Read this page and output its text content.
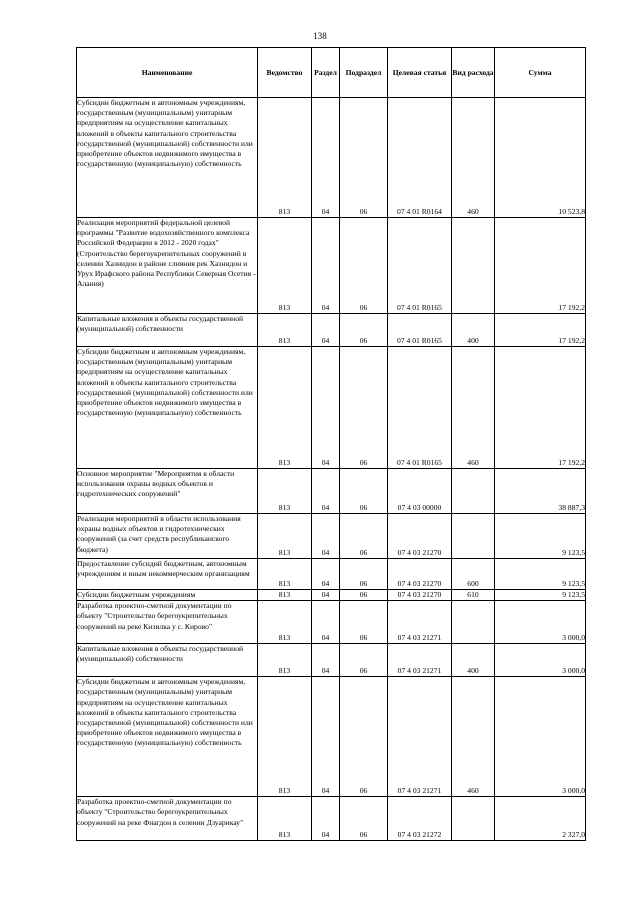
138
Наименование	Ведомство	Раздел	Подраздел	Целевая статья	Вид расхода	Сумма
Субсидии бюджетным и автономным учреждениям, государственным (муниципальным) унитарным предприятиям на осуществление капитальных вложений в объекты капитального строительства государственной (муниципальной) собственности или приобретение объектов недвижимого имущества в государственную (муниципальную) собственность	813	04	06	07 4 01 R0164	460	10 523,8
Реализация мероприятий федеральной целевой программы "Развитие водохозяйственного комплекса Российской Федерации в 2012 - 2020 годах" (Строительство берегоукрепительных сооружений в селении Хазнидон в районе слияния рек Хазнидон и Урух Ирафского района Республики Северная Осетия - Алания)	813	04	06	07 4 01 R0165		17 192,2
Капитальные вложения в объекты государственной (муниципальной) собственности	813	04	06	07 4 01 R0165	400	17 192,2
Субсидии бюджетным и автономным учреждениям, государственным (муниципальным) унитарным предприятиям на осуществление капитальных вложений в объекты капитального строительства государственной (муниципальной) собственности или приобретение объектов недвижимого имущества в государственную (муниципальную) собственность	813	04	06	07 4 01 R0165	460	17 192,2
Основное мероприятие "Мероприятия в области использования охраны водных объектов и гидротехнических сооружений"	813	04	06	07 4 03 00000		38 887,3
Реализация мероприятий в области использования охраны водных объектов и гидротехнических сооружений (за счет средств республиканского бюджета)	813	04	06	07 4 03 21270		9 123,5
Предоставление субсидий бюджетным, автономным учреждениям и иным некоммерческим организациям	813	04	06	07 4 03 21270	600	9 123,5
Субсидии бюджетным учреждениям	813	04	06	07 4 03 21270	610	9 123,5
Разработка проектно-сметной документации по объекту "Строительство берегоукрепительных сооружений на реке Кизилка у с. Кирово"	813	04	06	07 4 03 21271		3 000,0
Капитальные вложения в объекты государственной (муниципальной) собственности	813	04	06	07 4 03 21271	400	3 000,0
Субсидии бюджетным и автономным учреждениям, государственным (муниципальным) унитарным предприятиям на осуществление капитальных вложений в объекты капитального строительства государственной (муниципальной) собственности или приобретение объектов недвижимого имущества в государственную (муниципальную) собственность	813	04	06	07 4 03 21271	460	3 000,0
Разработка проектно-сметной документации по объекту "Строительство берегоукрепительных сооружений на реке Фиагдон в селении Дзуарикау"	813	04	06	07 4 03 21272		2 327,0
